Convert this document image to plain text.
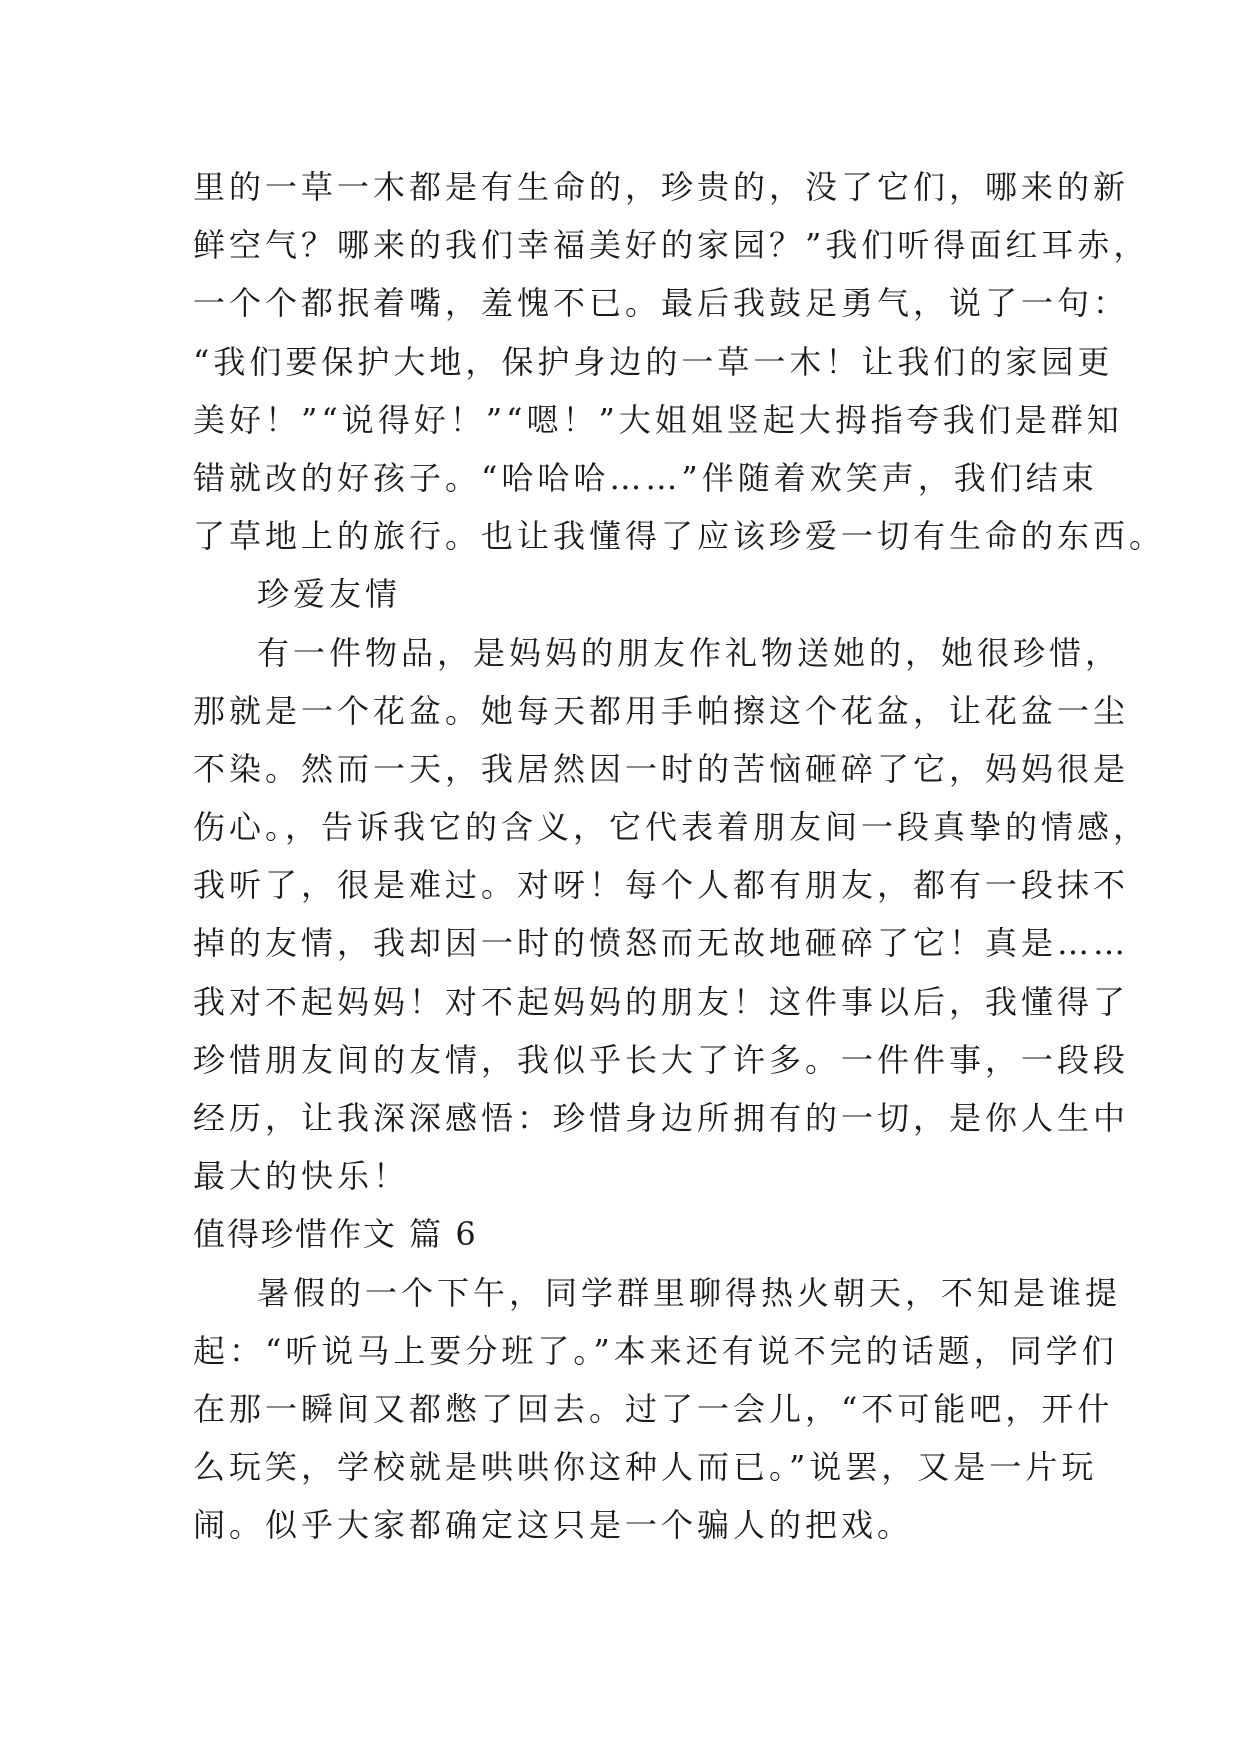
里的一草一木都是有生命的，珍贵的，没了它们，哪来的新
鲜空气？哪来的我们幸福美好的家园？”我们听得面红耳赤，
一个个都抿着嘴，羞愧不已。最后我鼓足勇气，说了一句：
“我们要保护大地，保护身边的一草一木！让我们的家园更
美好！”“说得好！”“嗯！”大姐姐竖起大拇指夸我们是群知
错就改的好孩子。“哈哈哈……”伴随着欢笑声，我们结束
了草地上的旅行。也让我懂得了应该珍爱一切有生命的东西。
珍爱友情
有一件物品，是妈妈的朋友作礼物送她的，她很珍惜，
那就是一个花盆。她每天都用手帕擦这个花盆，让花盆一尘
不染。然而一天，我居然因一时的苦恼砸碎了它，妈妈很是
伤心。，告诉我它的含义，它代表着朋友间一段真挚的情感，
我听了，很是难过。对呀！每个人都有朋友，都有一段抹不
掉的友情，我却因一时的愤怒而无故地砸碎了它！真是……
我对不起妈妈！对不起妈妈的朋友！这件事以后，我懂得了
珍惜朋友间的友情，我似乎长大了许多。一件件事，一段段
经历，让我深深感悟：珍惜身边所拥有的一切，是你人生中
最大的快乐！
值得珍惜作文 篇 6
暑假的一个下午，同学群里聊得热火朝天，不知是谁提
起：“听说马上要分班了。”本来还有说不完的话题，同学们
在那一瞬间又都憋了回去。过了一会儿，“不可能吧，开什
么玩笑，学校就是哄哄你这种人而已。”说罢，又是一片玩
闹。似乎大家都确定这只是一个骗人的把戏。
